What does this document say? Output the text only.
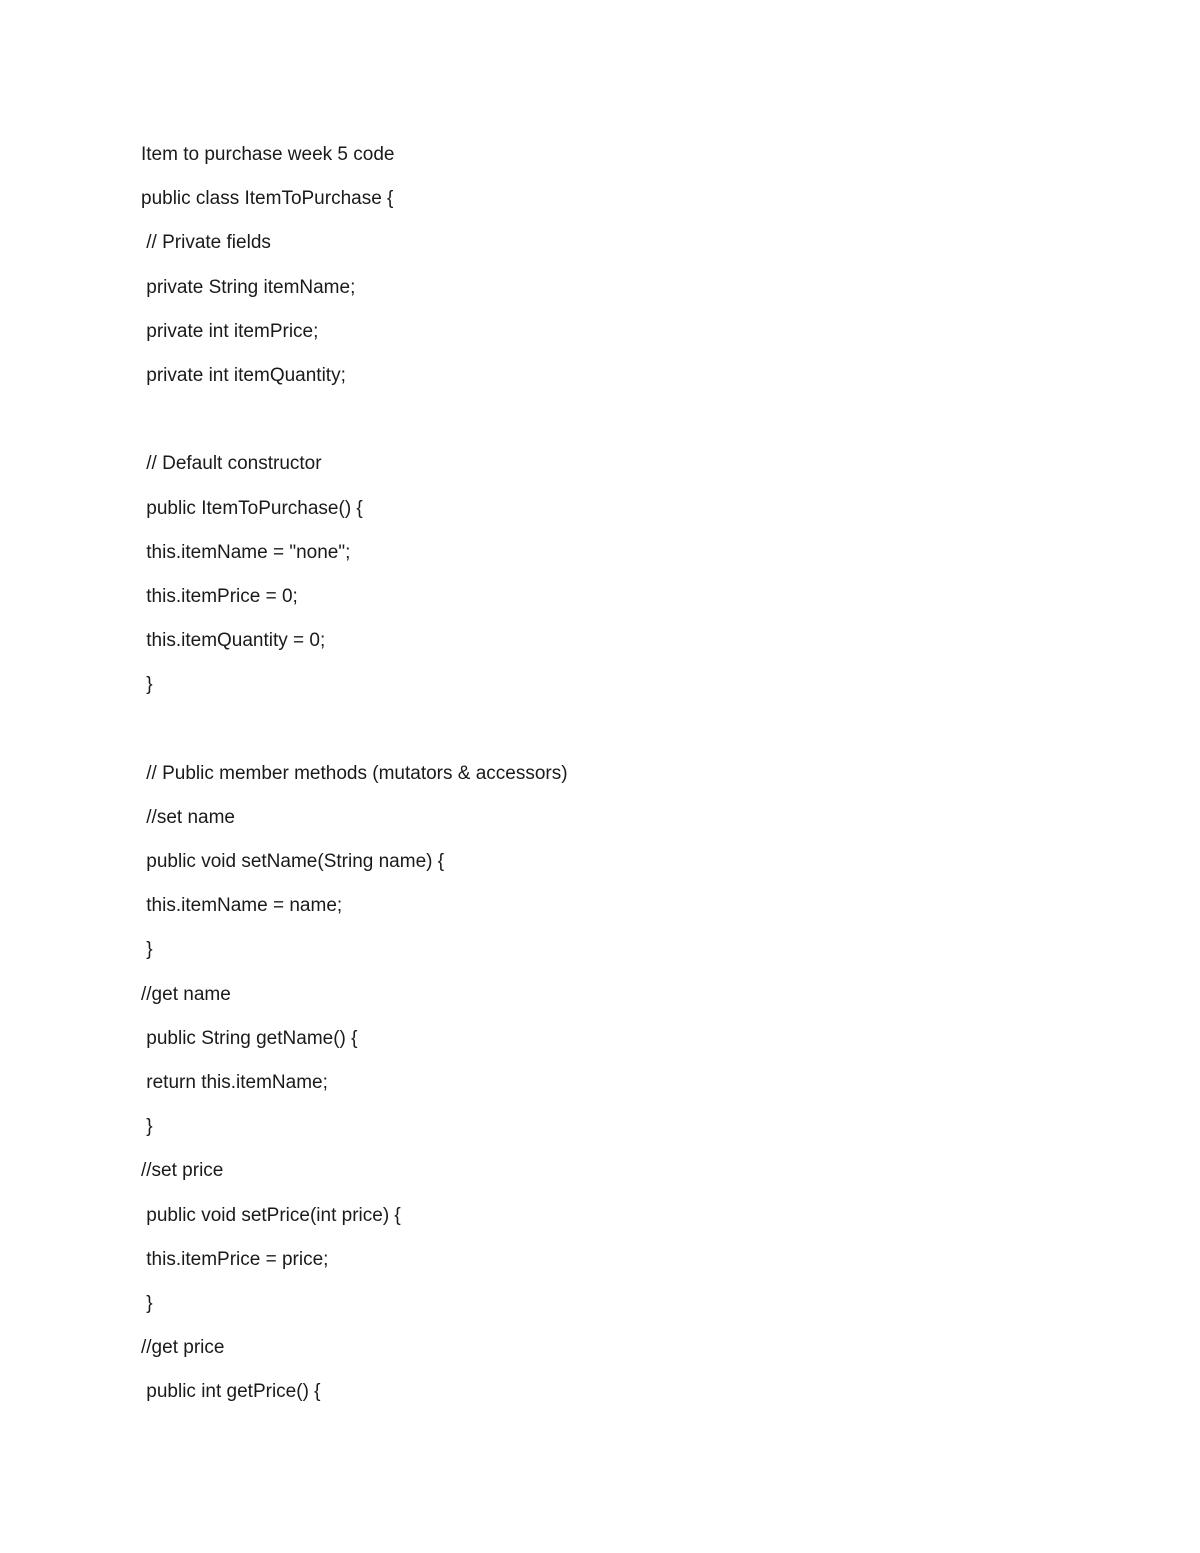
Item to purchase week 5 code

public class ItemToPurchase {

// Private fields

private String itemName;

private int itemPrice;

private int itemQuantity;

// Default constructor

public ItemToPurchase() {

this.itemName = "none";

this.itemPrice = 0;

this.itemQuantity = 0;

}

// Public member methods (mutators & accessors)

//set name

public void setName(String name) {

this.itemName = name;

}

//get name

public String getName() {

return this.itemName;

}

//set price

public void setPrice(int price) {

this.itemPrice = price;

}

//get price

public int getPrice() {
